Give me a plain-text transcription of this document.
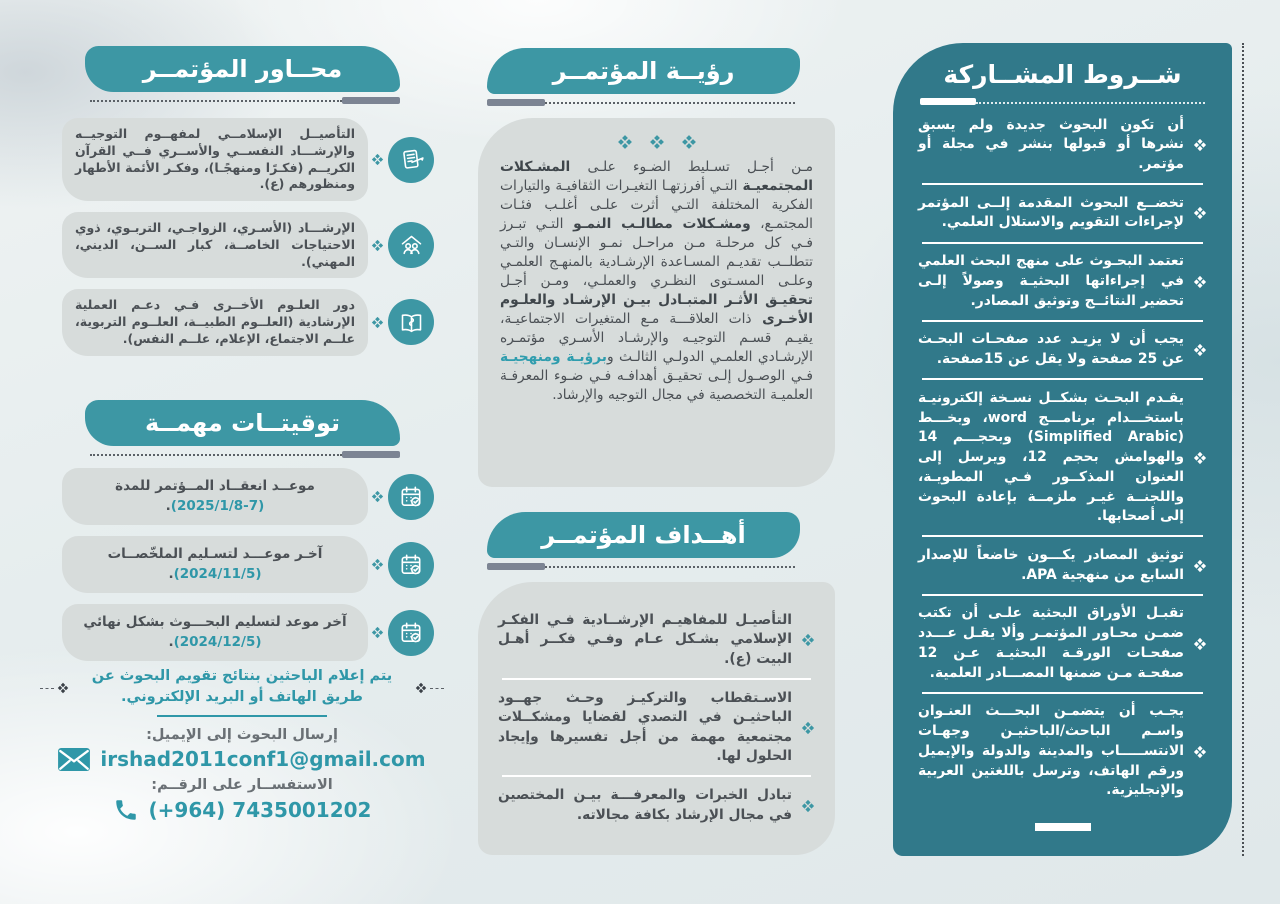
محــاور المؤتمــر
التأصيــل الإسلامــي لمفهــوم التوجيــه والإرشـــاد النفســي والأســري فــي القرآن الكريــم (فكـرًا ومنهجًـا)، وفكـر الأئمة الأطهار ومنظورهم (ع).
الإرشـــاد (الأسـري، الزواجـي، التربـوي، ذوي الاحتياجات الخاصــة، كبار الســن، الديني، المهني).
دور العلـوم الأخــرى فـي دعـم العملية الإرشادية (العلــوم الطبيــة، العلــوم التربوية، علــم الاجتماع، الإعلام، علــم النفس).
توقيتــات مهمــة
موعــد انعقــاد المــؤتمر للمدة (2025/1/8-7).
آخـر موعـــد لتسـليم الملخّصــات (2024/11/5).
آخر موعد لتسليم البحـــوث بشكل نهائي (2024/12/5).
يتم إعلام الباحثين بنتائج تقويم البحوث عن طريق الهاتف أو البريد الإلكتروني.
إرسال البحوث إلى الإيميل:
irshad2011conf1@gmail.com
الاستفســار على الرقــم:
(+964) 7435001202
رؤيــة المؤتمــر

مـن أجـل تسـليط الضـوء علـى المشـكلات المجتمعيـة التـي أفرزتهـا التغيـرات الثقافيـة والتيارات الفكرية المختلفة التـي أثرت علـى أغلـب فئـات المجتمـع، ومشـكلات مطالـب النمـو التـي تبـرز فـي كل مرحلـة مـن مراحـل نمـو الإنسـان والتـي تتطلــب تقديـم المسـاعدة الإرشـادية بالمنهـج العلمـي وعلـى المسـتوى النظـري والعملـي، ومـن أجـل تحقيـق الأثـر المتبـادل بيـن الإرشـاد والعلـوم الأخـرى ذات العلاقـــة مـع المتغيرات الاجتماعيـة، يقيـم قسـم التوجيـه والإرشـاد الأسـري مؤتمـره الإرشـادي العلمـي الدولـي الثالـث وبرؤيـة ومنهجيـة فـي الوصـول إلـى تحقيـق أهدافـه فـي ضـوء المعرفـة العلميـة التخصصية في مجال التوجيه والإرشاد.

أهــداف المؤتمــر
التأصيـل للمفاهيـم الإرشــادية فـي الفكـر الإسلامي بشـكل عـام وفـي فكــر أهـل البيت (ع).
الاسـتقطاب والتركيـز وحـث جهــود الباحثيـن في التصدي لقضايا ومشكــلات مجتمعية مهمة من أجل تفسيرها وإيجاد الحلول لها.
تبادل الخبرات والمعرفـــة بيـن المختصين في مجال الإرشاد بكافة مجالاته.
شــروط المشــاركة
أن تكون البحوث جديدة ولم يسبق نشرها أو قبولها بنشر في مجلة أو مؤتمر.
تخضــع البحوث المقدمة إلــى المؤتمر لإجراءات التقويم والاستلال العلمي.
تعتمد البحـوث على منهج البحث العلمي في إجراءاتها البحثيـة وصولاً إلـى تحضير النتائــج وتوثيق المصادر.
يجب أن لا يزيـد عدد صفحـات البحـث عن 25 صفحة ولا يقل عن 15صفحة.
يقـدم البحـث بشكــل نسـخة إلكترونيـة باستخـــدام برنامـــج word، وبخـــط (Simplified Arabic) وبحجـــم 14 والهوامش بحجم 12، ويرسل إلى العنوان المذكــور فـي المطويـة، واللجنــة غيـر ملزمــة بإعادة البحوث إلى أصحابها.
توثيق المصادر يكـــون خاضعاً للإصدار السابع من منهجية APA.
تقبـل الأوراق البحثية علـى أن تكتب ضمـن محـاور المؤتمـر وألا يقـل عـــدد صفحـات الورقـة البحثيـة عـن 12 صفحـة مـن ضمنها المصـــادر العلمية.
يجـب أن يتضمـن البحـــث العنـوان واسـم الباحث/الباحثيـن وجهـات الانتســـــاب والمدينة والدولة والإيميل ورقم الهاتف، وترسل باللغتين العربية والإنجليزية.
